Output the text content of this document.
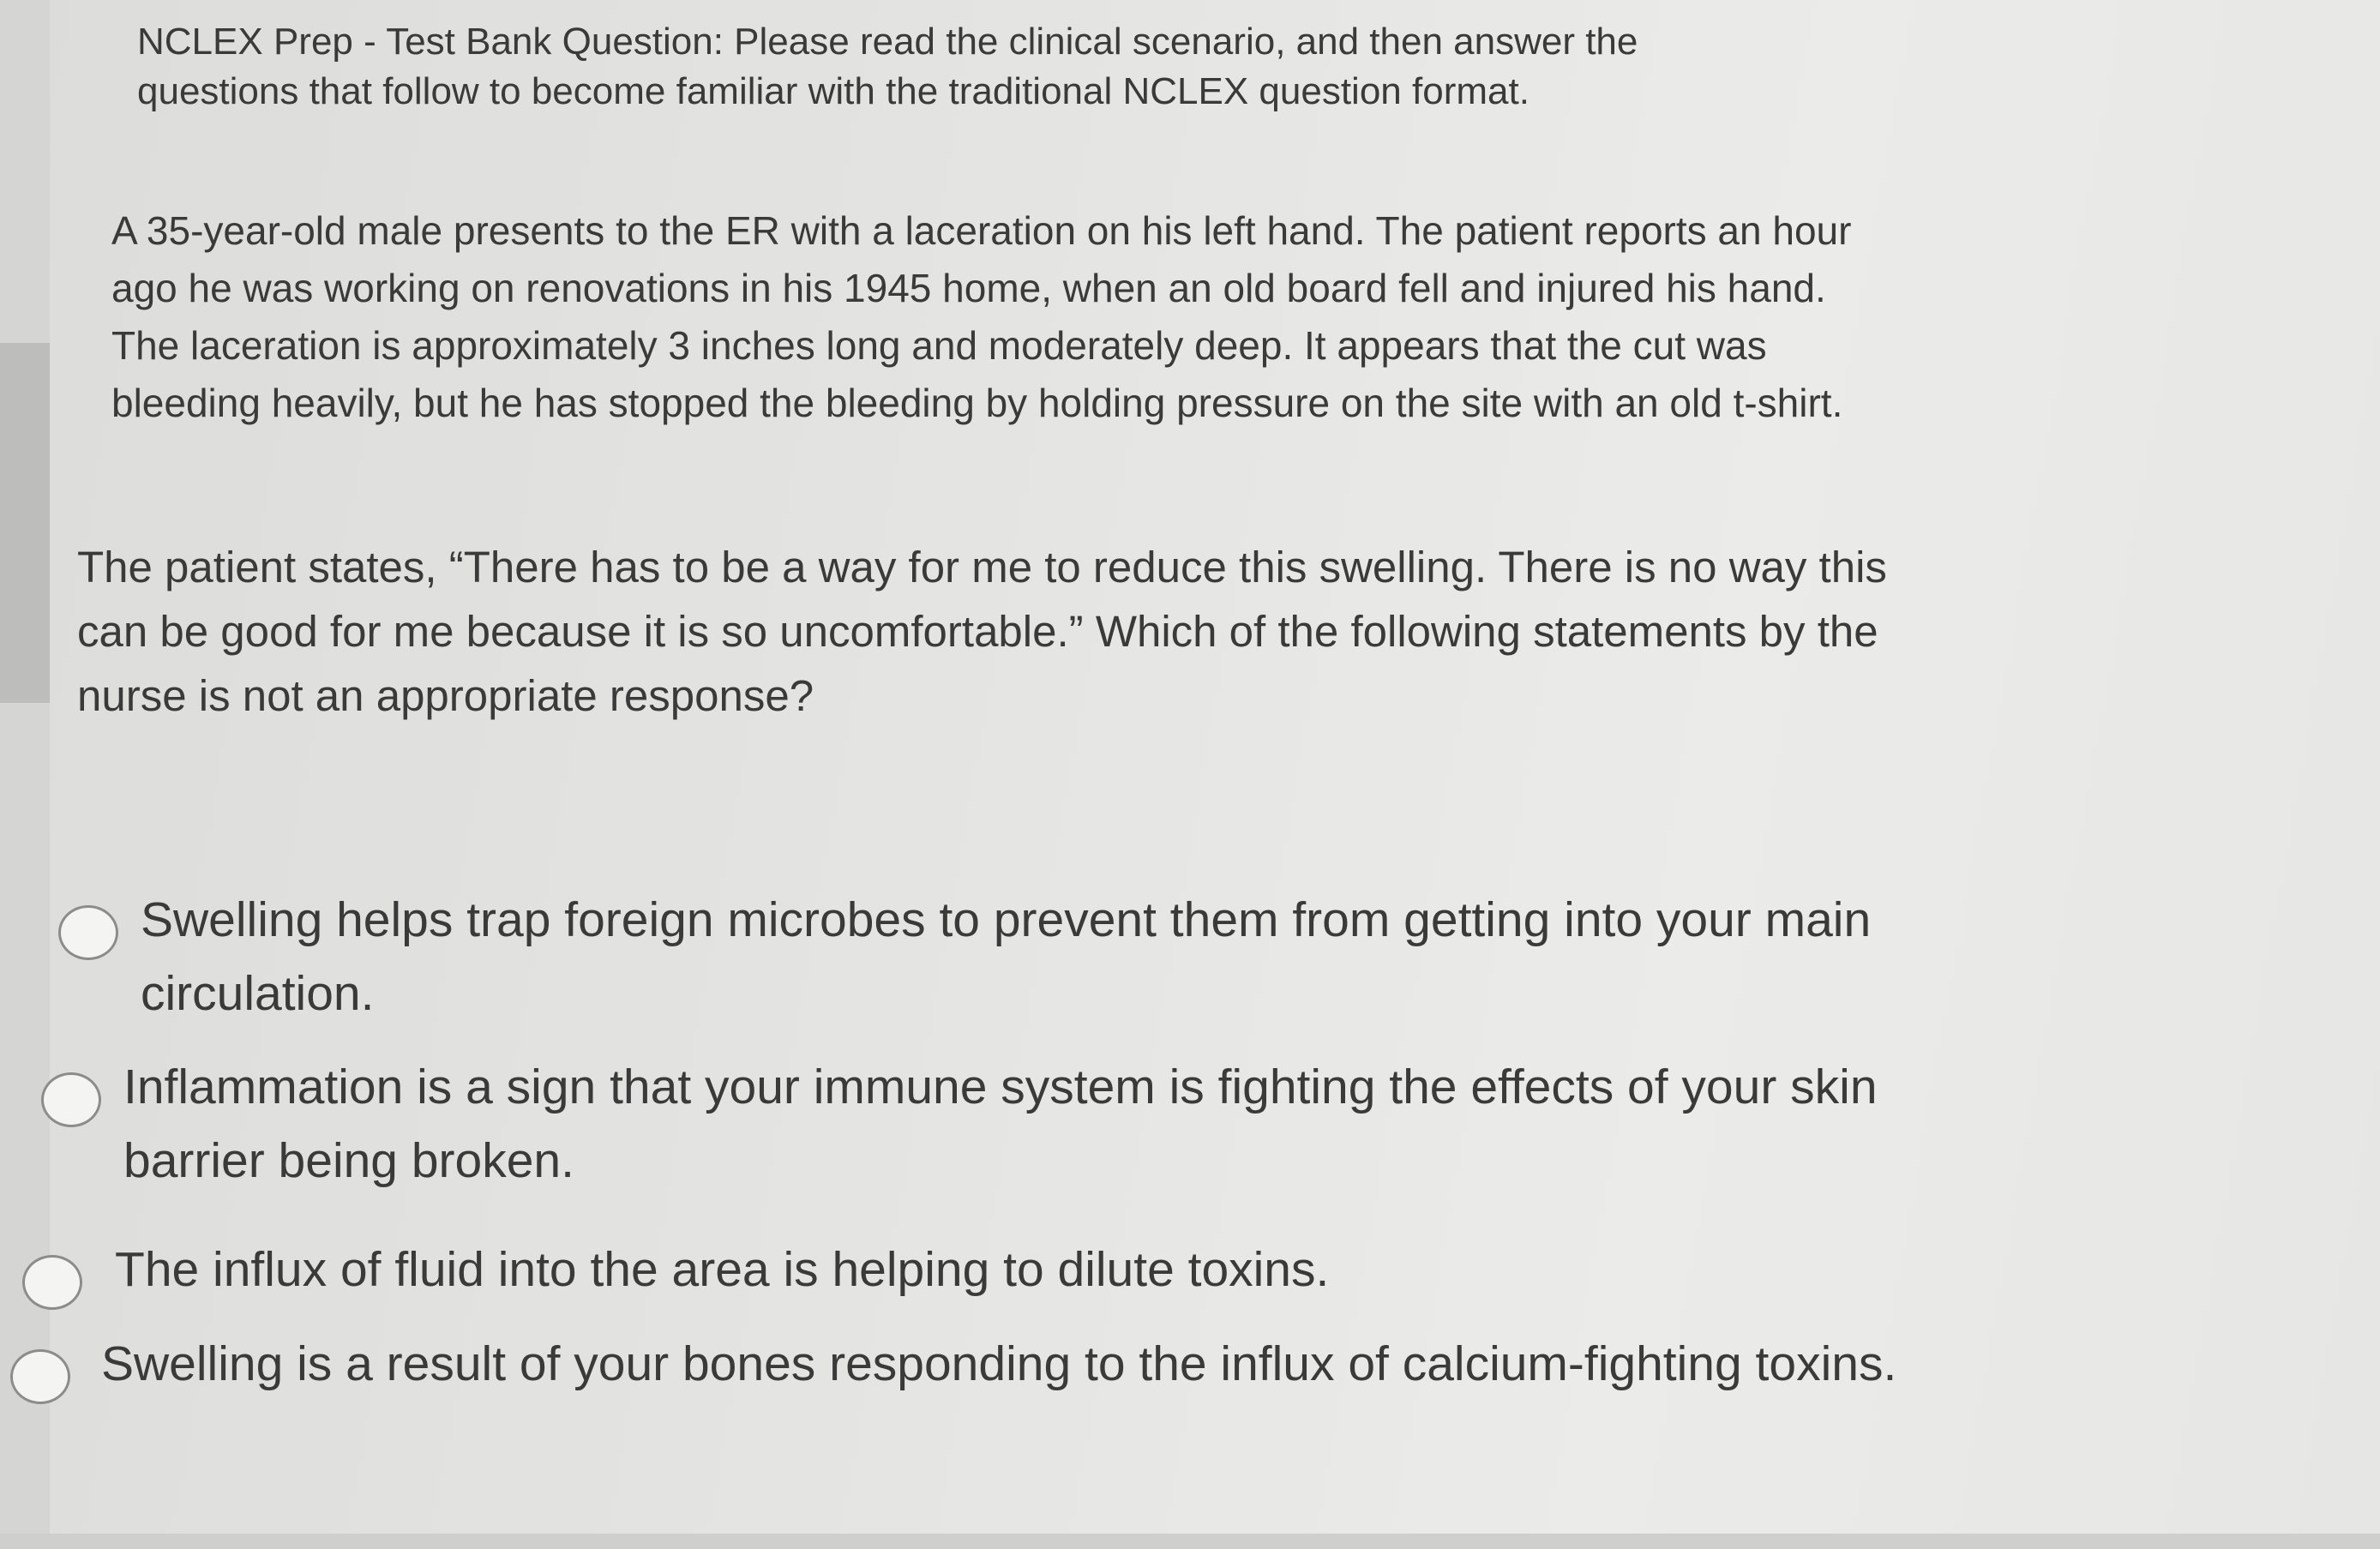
NCLEX Prep - Test Bank Question: Please read the clinical scenario, and then answer the questions that follow to become familiar with the traditional NCLEX question format.

A 35-year-old male presents to the ER with a laceration on his left hand. The patient reports an hour ago he was working on renovations in his 1945 home, when an old board fell and injured his hand. The laceration is approximately 3 inches long and moderately deep. It appears that the cut was bleeding heavily, but he has stopped the bleeding by holding pressure on the site with an old t-shirt.

The patient states, “There has to be a way for me to reduce this swelling. There is no way this can be good for me because it is so uncomfortable.” Which of the following statements by the nurse is not an appropriate response?

Swelling helps trap foreign microbes to prevent them from getting into your main circulation.
Inflammation is a sign that your immune system is fighting the effects of your skin barrier being broken.
The influx of fluid into the area is helping to dilute toxins.
Swelling is a result of your bones responding to the influx of calcium-fighting toxins.
